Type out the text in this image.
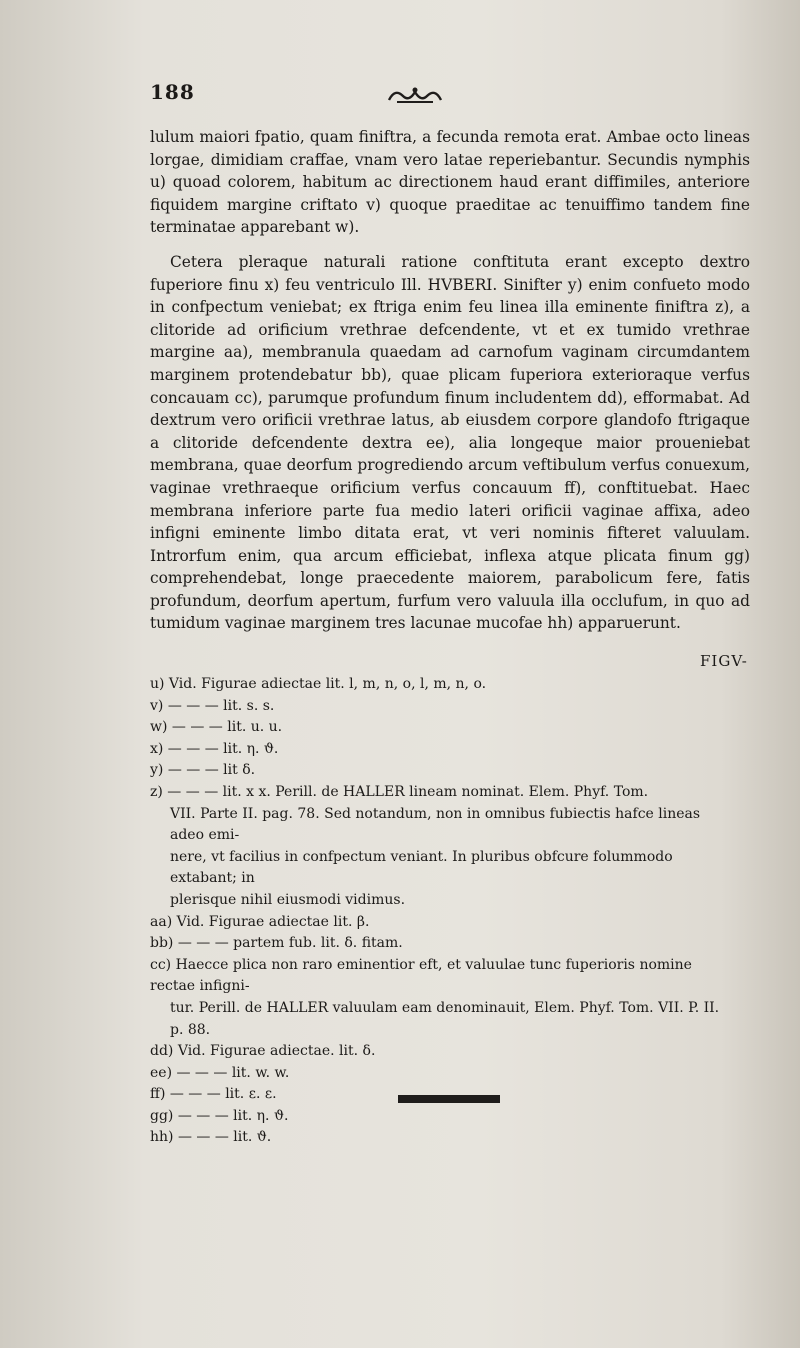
188

lulum maiori fpatio, quam finiftra, a fecunda remota erat. Ambae octo lineas lorgae, dimidiam craffae, vnam vero latae reperiebantur. Secundis nymphis u) quoad colorem, habitum ac directionem haud erant diffimiles, anteriore fiquidem margine criftato v) quoque praeditae ac tenuiffimo tandem fine terminatae apparebant w).

Cetera pleraque naturali ratione conftituta erant excepto dextro fuperiore finu x) feu ventriculo Ill. HVBERI. Sinifter y) enim confueto modo in confpectum veniebat; ex ftriga enim feu linea illa eminente finiftra z), a clitoride ad orificium vrethrae defcendente, vt et ex tumido vrethrae margine aa), membranula quaedam ad carnofum vaginam circumdantem marginem protendebatur bb), quae plicam fuperiora exterioraque verfus concauam cc), parumque profundum finum includentem dd), efformabat. Ad dextrum vero orificii vrethrae latus, ab eiusdem corpore glandofo ftrigaque a clitoride defcendente dextra ee), alia longeque maior proueniebat membrana, quae deorfum progrediendo arcum veftibulum verfus conuexum, vaginae vrethraeque orificium verfus concauum ff), conftituebat. Haec membrana inferiore parte fua medio lateri orificii vaginae affixa, adeo infigni eminente limbo ditata erat, vt veri nominis fifteret valuulam. Introrfum enim, qua arcum efficiebat, inflexa atque plicata finum gg) comprehendebat, longe praecedente maiorem, parabolicum fere, fatis profundum, deorfum apertum, furfum vero valuula illa occlufum, in quo ad tumidum vaginae marginem tres lacunae mucofae hh) apparuerunt.

FIGV-

u) Vid. Figurae adiectae lit. l, m, n, o, l, m, n, o.

v) — — — lit. s. s.

w) — — — lit. u. u.

x) — — — lit. η. ϑ.

y) — — — lit δ.

z) — — — lit. x x. Perill. de HALLER lineam nominat. Elem. Phyf. Tom.

VII. Parte II. pag. 78. Sed notandum, non in omnibus fubiectis hafce lineas adeo emi-

nere, vt facilius in confpectum veniant. In pluribus obfcure folummodo extabant; in

plerisque nihil eiusmodi vidimus.

aa) Vid. Figurae adiectae lit. β.

bb) — — — partem fub. lit. δ. fitam.

cc) Haecce plica non raro eminentior eft, et valuulae tunc fuperioris nomine rectae infigni-

tur. Perill. de HALLER valuulam eam denominauit, Elem. Phyf. Tom. VII. P. II.

p. 88.

dd) Vid. Figurae adiectae. lit. δ.

ee) — — — lit. w. w.

ff) — — — lit. ε. ε.

gg) — — — lit. η. ϑ.

hh) — — — lit. ϑ.
